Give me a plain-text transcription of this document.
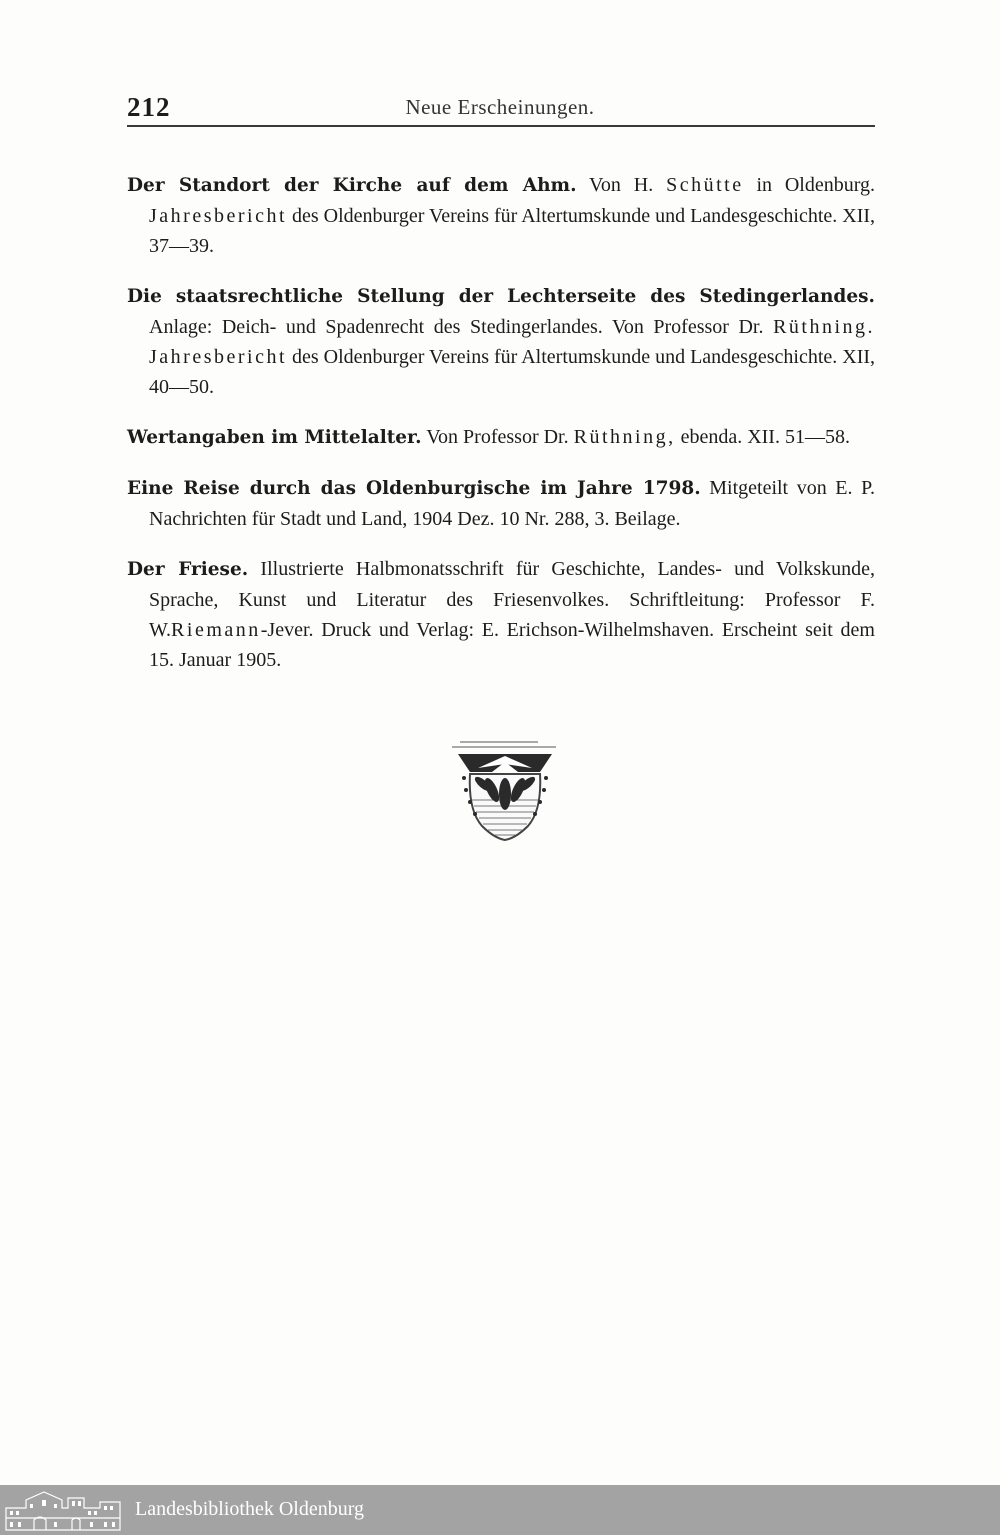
212	Neue Erscheinungen.

Der Standort der Kirche auf dem Ahm. Von H. Schütte in Oldenburg. Jahresbericht des Oldenburger Vereins für Altertumskunde und Landesgeschichte. XII, 37—39.

Die staatsrechtliche Stellung der Lechterseite des Stedingerlandes. Anlage: Deich- und Spadenrecht des Stedingerlandes. Von Professor Dr. Rüthning. Jahresbericht des Oldenburger Vereins für Altertumskunde und Landesgeschichte. XII, 40—50.

Wertangaben im Mittelalter. Von Professor Dr. Rüthning, ebenda. XII. 51—58.

Eine Reise durch das Oldenburgische im Jahre 1798. Mitgeteilt von E. P. Nachrichten für Stadt und Land, 1904 Dez. 10 Nr. 288, 3. Beilage.

Der Friese. Illustrierte Halbmonatsschrift für Geschichte, Landes- und Volkskunde, Sprache, Kunst und Literatur des Friesenvolkes. Schriftleitung: Professor F. W.Riemann-Jever. Druck und Verlag: E. Erichson-Wilhelmshaven. Erscheint seit dem 15. Januar 1905.

Landesbibliothek Oldenburg
